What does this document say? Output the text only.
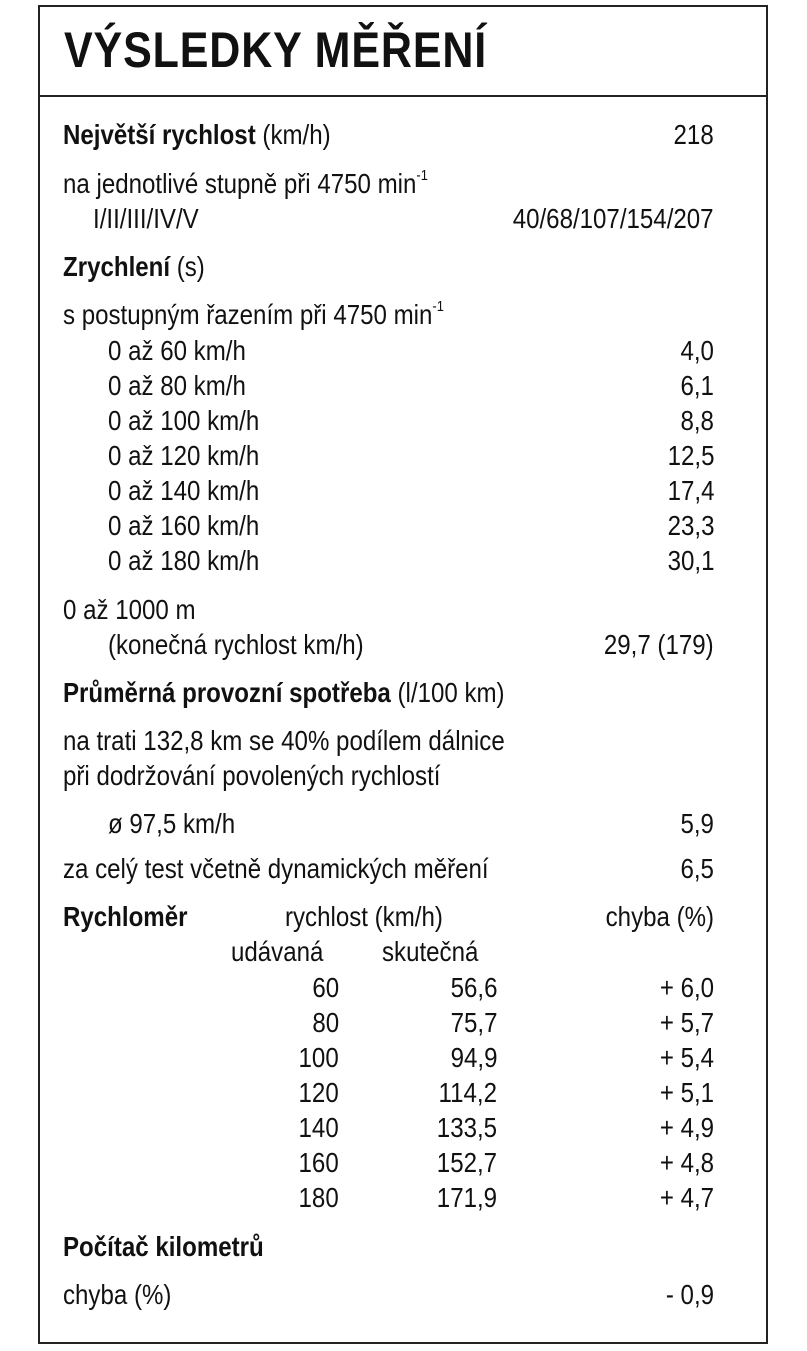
VÝSLEDKY MĚŘENÍ
Největší rychlost (km/h)	218
na jednotlivé stupně při 4750 $\min^{-1}$
I/II/III/IV/V	40/68/107/154/207
Zrychlení (s)
s postupným řazením při 4750 $\min^{-1}$
0 až 60 km/h	4,0
0 až 80 km/h	6,1
0 až 100 km/h	8,8
0 až 120 km/h	12,5
0 až 140 km/h	17,4
0 až 160 km/h	23,3
0 až 180 km/h	30,1
0 až 1000 m
(konečná rychlost km/h)	29,7 (179)
Průměrná provozní spotřeba (l/100 km)
na trati 132,8 km se 40% podílem dálnice
při dodržování povolených rychlostí
ø 97,5 km/h	5,9
za celý test včetně dynamických měření	6,5
Rychloměr	rychlost (km/h)	chyba (%)
udávaná skutečná
60	56,6	+ 6,0
80	75,7	+ 5,7
100	94,9	+ 5,4
120	114,2	+ 5,1
140	133,5	+ 4,9
160	152,7	+ 4,8
180	171,9	+ 4,7
Počítač kilometrů
chyba (%)	- 0,9
